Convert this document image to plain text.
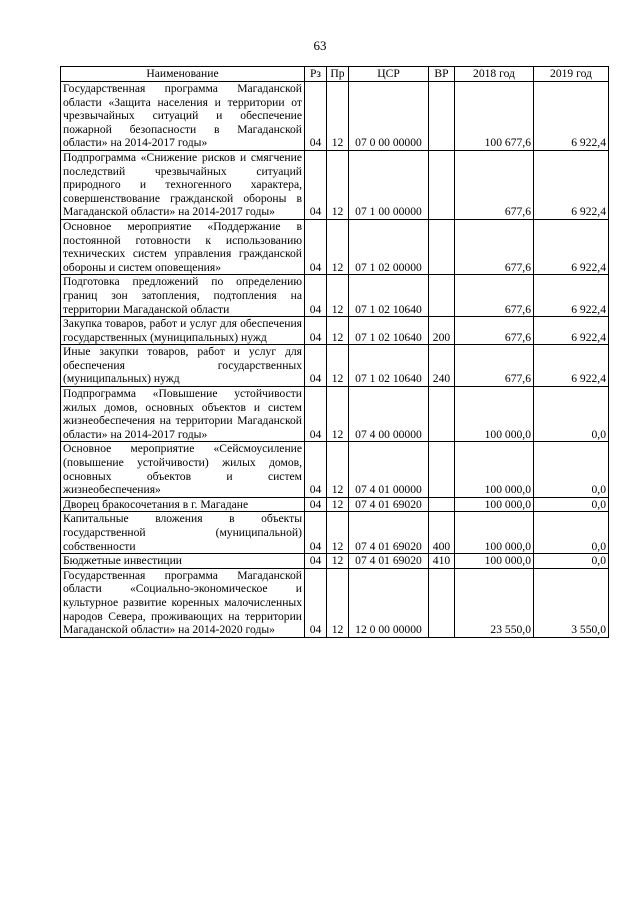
63
Наименование	Рз	Пр	ЦСР	ВР	2018 год	2019 год
Государственная программа Магаданской области «Защита населения и территории от чрезвычайных ситуаций и обеспечение пожарной безопасности в Магаданской области» на 2014-2017 годы»	04	12	07 0 00 00000		100 677,6	6 922,4
Подпрограмма «Снижение рисков и смягчение последствий чрезвычайных ситуаций природного и техногенного характера, совершенствование гражданской обороны в Магаданской области» на 2014-2017 годы»	04	12	07 1 00 00000		677,6	6 922,4
Основное мероприятие «Поддержание в постоянной готовности к использованию технических систем управления гражданской обороны и систем оповещения»	04	12	07 1 02 00000		677,6	6 922,4
Подготовка предложений по определению границ зон затопления, подтопления на территории Магаданской области	04	12	07 1 02 10640		677,6	6 922,4
Закупка товаров, работ и услуг для обеспечения государственных (муниципальных) нужд	04	12	07 1 02 10640	200	677,6	6 922,4
Иные закупки товаров, работ и услуг для обеспечения государственных (муниципальных) нужд	04	12	07 1 02 10640	240	677,6	6 922,4
Подпрограмма «Повышение устойчивости жилых домов, основных объектов и систем жизнеобеспечения на территории Магаданской области» на 2014-2017 годы»	04	12	07 4 00 00000		100 000,0	0,0
Основное мероприятие «Сейсмоусиление (повышение устойчивости) жилых домов, основных объектов и систем жизнеобеспечения»	04	12	07 4 01 00000		100 000,0	0,0
Дворец бракосочетания в г. Магадане	04	12	07 4 01 69020		100 000,0	0,0
Капитальные вложения в объекты государственной (муниципальной) собственности	04	12	07 4 01 69020	400	100 000,0	0,0
Бюджетные инвестиции	04	12	07 4 01 69020	410	100 000,0	0,0
Государственная программа Магаданской области «Социально-экономическое и культурное развитие коренных малочисленных народов Севера, проживающих на территории Магаданской области» на 2014-2020 годы»	04	12	12 0 00 00000		23 550,0	3 550,0
